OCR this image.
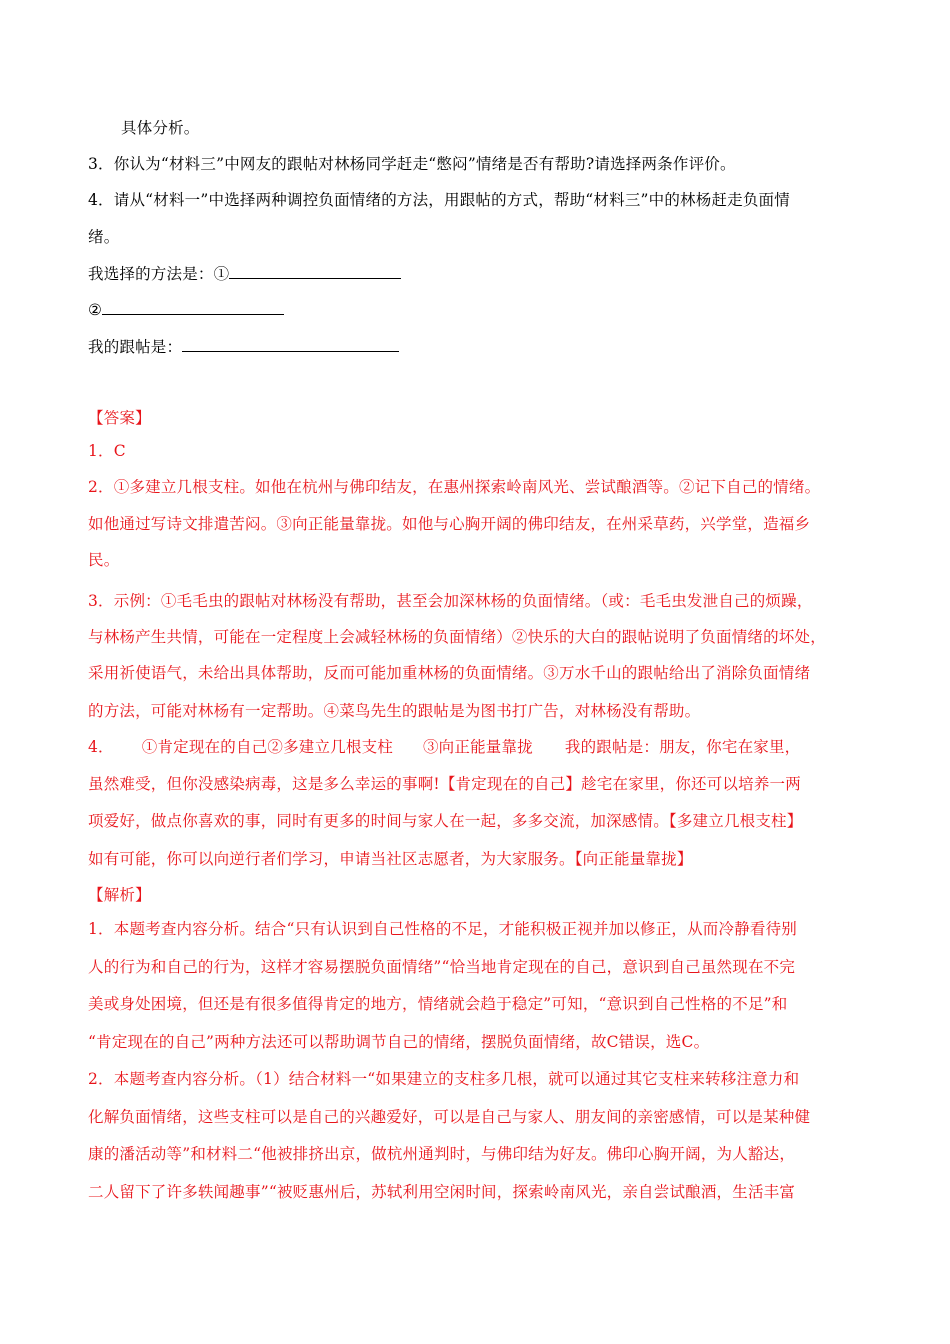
具体分析。
3．你认为“材料三”中网友的跟帖对林杨同学赶走“憋闷”情绪是否有帮助?请选择两条作评价。
4．请从“材料一”中选择两种调控负面情绪的方法，用跟帖的方式，帮助“材料三”中的林杨赶走负面情
绪。
我选择的方法是：①
②
我的跟帖是：
【答案】
1．C
2．①多建立几根支柱。如他在杭州与佛印结友，在惠州探索岭南风光、尝试酿酒等。②记下自己的情绪。
如他通过写诗文排遣苦闷。③向正能量靠拢。如他与心胸开阔的佛印结友，在州采草药，兴学堂，造福乡
民。
3．示例：①毛毛虫的跟帖对林杨没有帮助，甚至会加深林杨的负面情绪。（或：毛毛虫发泄自己的烦躁，
与林杨产生共情，可能在一定程度上会减轻林杨的负面情绪）②快乐的大白的跟帖说明了负面情绪的坏处，
采用祈使语气，未给出具体帮助，反而可能加重林杨的负面情绪。③万水千山的跟帖给出了消除负面情绪
的方法，可能对林杨有一定帮助。④菜鸟先生的跟帖是为图书打广告，对林杨没有帮助。
4． ①肯定现在的自己②多建立几根支柱 ③向正能量靠拢 我的跟帖是：朋友，你宅在家里，
虽然难受，但你没感染病毒，这是多么幸运的事啊!【肯定现在的自己】趁宅在家里，你还可以培养一两
项爱好，做点你喜欢的事，同时有更多的时间与家人在一起，多多交流，加深感情。【多建立几根支柱】
如有可能，你可以向逆行者们学习，申请当社区志愿者，为大家服务。【向正能量靠拢】
【解析】
1．本题考查内容分析。结合“只有认识到自己性格的不足，才能积极正视并加以修正，从而冷静看待别
人的行为和自己的行为，这样才容易摆脱负面情绪”“恰当地肯定现在的自己，意识到自己虽然现在不完
美或身处困境，但还是有很多值得肯定的地方，情绪就会趋于稳定”可知，“意识到自己性格的不足”和
“肯定现在的自己”两种方法还可以帮助调节自己的情绪，摆脱负面情绪，故C错误，选C。
2．本题考查内容分析。（1）结合材料一“如果建立的支柱多几根，就可以通过其它支柱来转移注意力和
化解负面情绪，这些支柱可以是自己的兴趣爱好，可以是自己与家人、朋友间的亲密感情，可以是某种健
康的潘活动等”和材料二“他被排挤出京，做杭州通判时，与佛印结为好友。佛印心胸开阔，为人豁达，
二人留下了许多轶闻趣事”“被贬惠州后，苏轼利用空闲时间，探索岭南风光，亲自尝试酿酒，生活丰富
